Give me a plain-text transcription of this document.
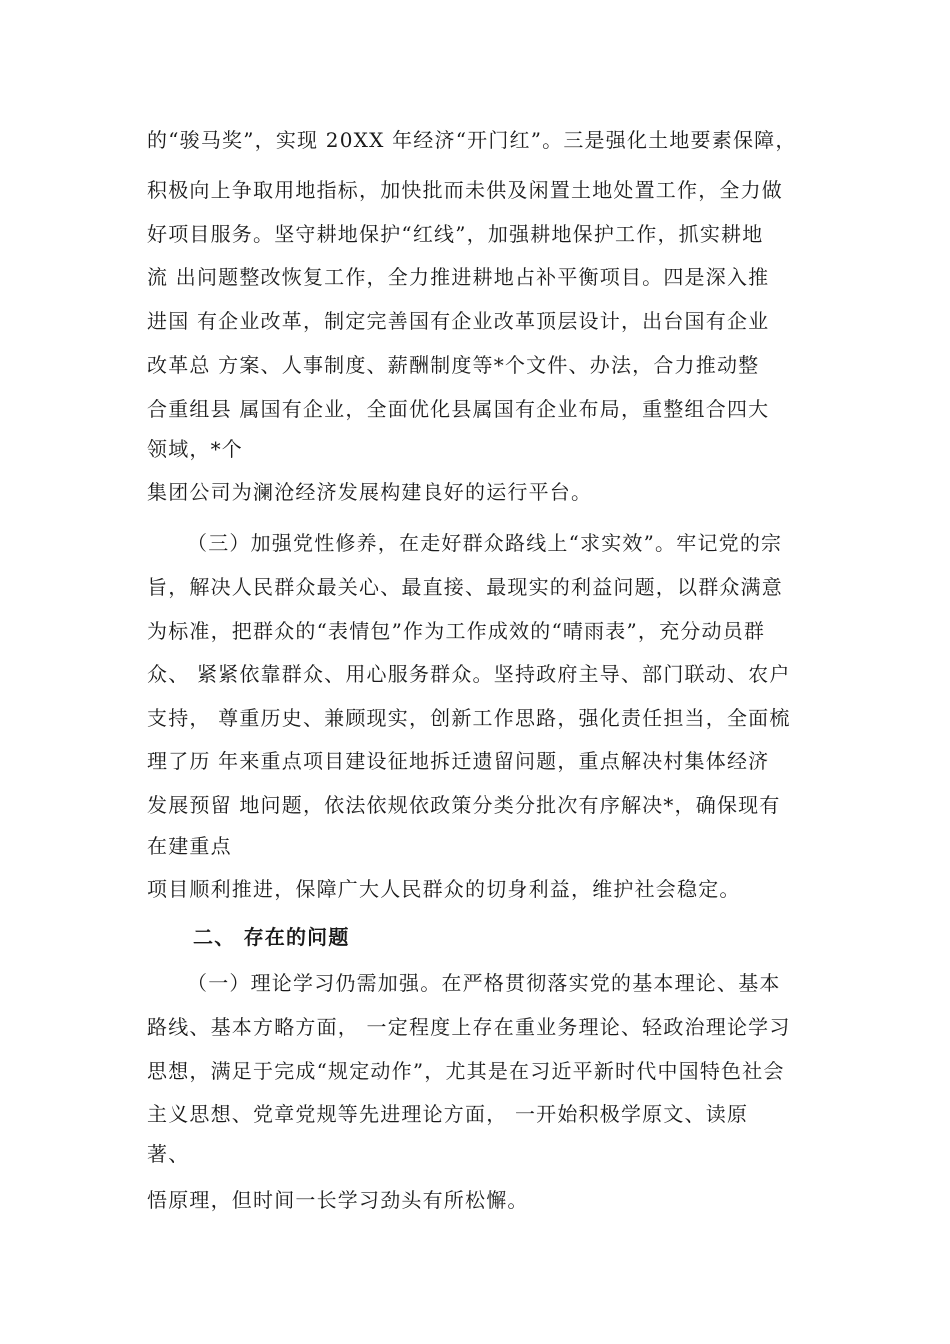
的“骏马奖”，实现 20XX 年经济“开门红”。三是强化土地要素保障，
积极向上争取用地指标，加快批而未供及闲置土地处置工作，全力做
好项目服务。坚守耕地保护“红线”，加强耕地保护工作，抓实耕地
流 出问题整改恢复工作，全力推进耕地占补平衡项目。四是深入推
进国 有企业改革，制定完善国有企业改革顶层设计，出台国有企业
改革总 方案、人事制度、薪酬制度等*个文件、办法，合力推动整
合重组县 属国有企业，全面优化县属国有企业布局，重整组合四大
领域，*个
集团公司为澜沧经济发展构建良好的运行平台。
（三）加强党性修养，在走好群众路线上“求实效”。牢记党的宗
旨，解决人民群众最关心、最直接、最现实的利益问题，以群众满意
为标准，把群众的“表情包”作为工作成效的“晴雨表”，充分动员群
众、 紧紧依靠群众、用心服务群众。坚持政府主导、部门联动、农户
支持， 尊重历史、兼顾现实，创新工作思路，强化责任担当，全面梳
理了历 年来重点项目建设征地拆迁遗留问题，重点解决村集体经济
发展预留 地问题，依法依规依政策分类分批次有序解决*，确保现有
在建重点
项目顺利推进，保障广大人民群众的切身利益，维护社会稳定。
二、 存在的问题
（一）理论学习仍需加强。在严格贯彻落实党的基本理论、基本
路线、基本方略方面， 一定程度上存在重业务理论、轻政治理论学习
思想，满足于完成“规定动作”，尤其是在习近平新时代中国特色社会
主义思想、党章党规等先进理论方面， 一开始积极学原文、读原
著、
悟原理，但时间一长学习劲头有所松懈。
